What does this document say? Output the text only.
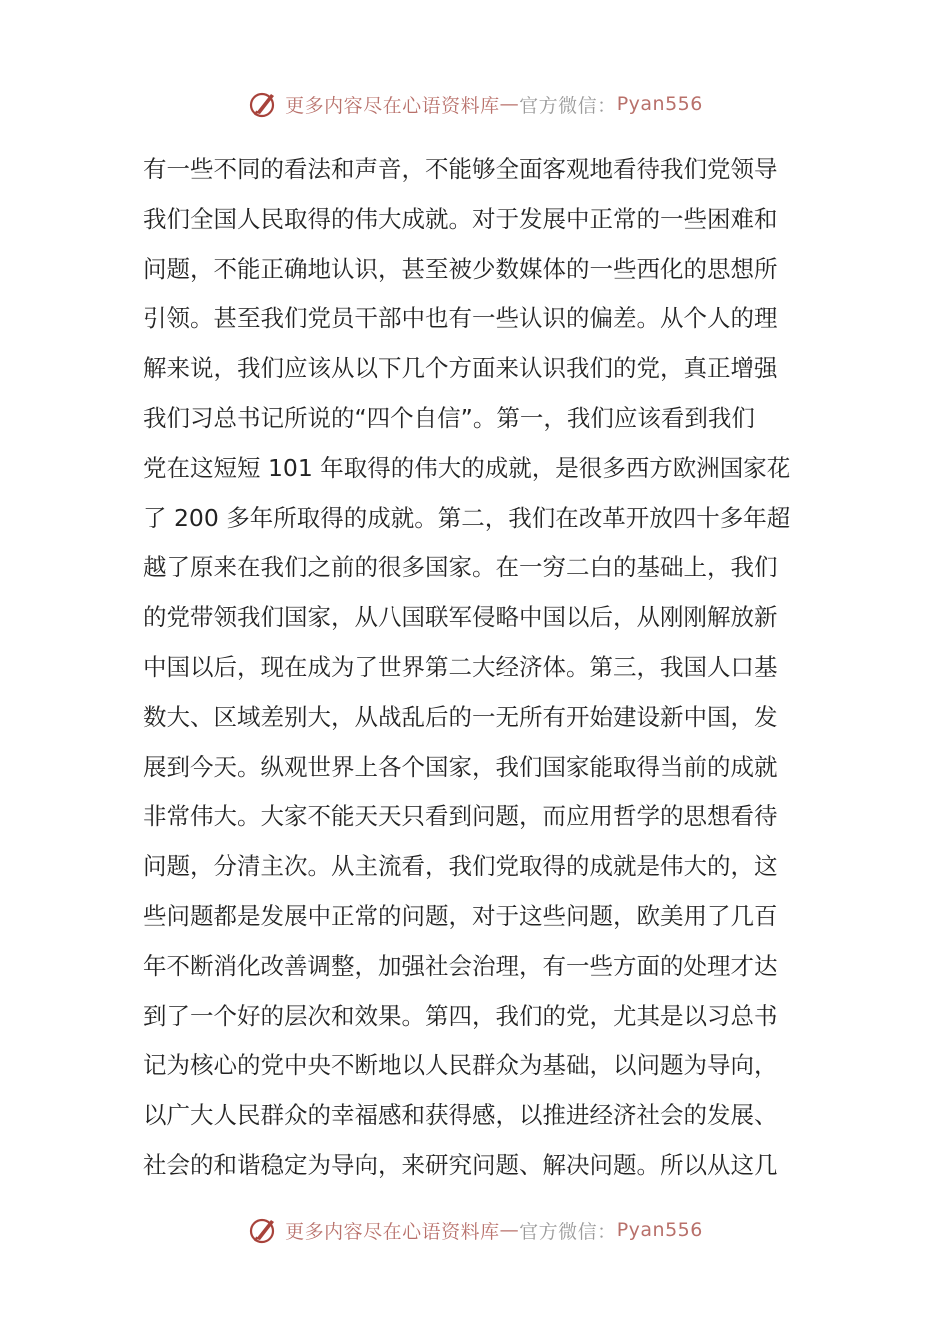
更多内容尽在心语资料库 — 官方微信： Pyan556
有一些不同的看法和声音，不能够全面客观地看待我们党领导
我们全国人民取得的伟大成就。对于发展中正常的一些困难和
问题，不能正确地认识，甚至被少数媒体的一些西化的思想所
引领。甚至我们党员干部中也有一些认识的偏差。从个人的理
解来说，我们应该从以下几个方面来认识我们的党，真正增强
我们习总书记所说的“四个自信”。第一，我们应该看到我们
党在这短短 101 年取得的伟大的成就，是很多西方欧洲国家花
了 200 多年所取得的成就。第二，我们在改革开放四十多年超
越了原来在我们之前的很多国家。在一穷二白的基础上，我们
的党带领我们国家，从八国联军侵略中国以后，从刚刚解放新
中国以后，现在成为了世界第二大经济体。第三，我国人口基
数大、区域差别大，从战乱后的一无所有开始建设新中国，发
展到今天。纵观世界上各个国家，我们国家能取得当前的成就
非常伟大。大家不能天天只看到问题，而应用哲学的思想看待
问题，分清主次。从主流看，我们党取得的成就是伟大的，这
些问题都是发展中正常的问题，对于这些问题，欧美用了几百
年不断消化改善调整，加强社会治理，有一些方面的处理才达
到了一个好的层次和效果。第四，我们的党，尤其是以习总书
记为核心的党中央不断地以人民群众为基础，以问题为导向，
以广大人民群众的幸福感和获得感，以推进经济社会的发展、
社会的和谐稳定为导向，来研究问题、解决问题。所以从这几
更多内容尽在心语资料库 — 官方微信： Pyan556
